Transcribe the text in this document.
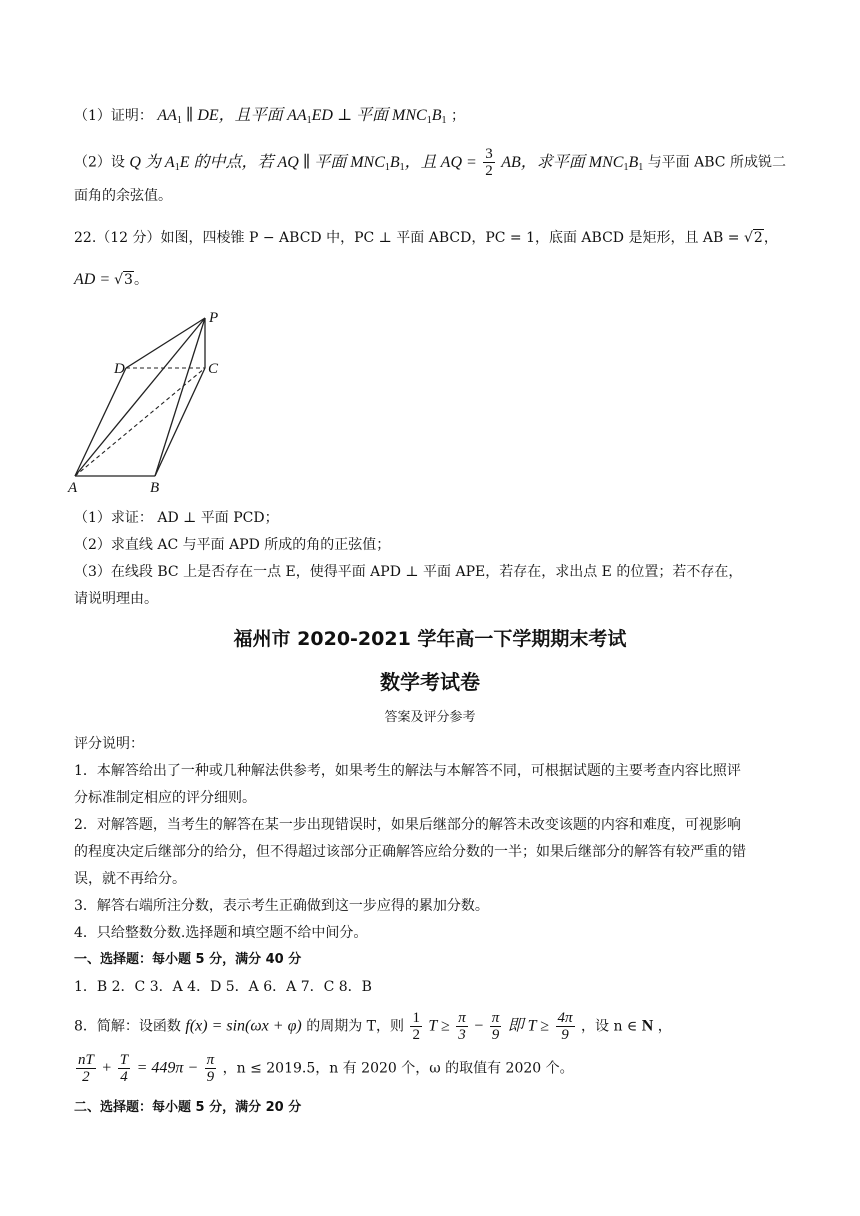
（1）证明： $AA_1$ ∥ DE，且平面 $AA_1ED$ ⊥ 平面 $MNC_1B_1$ ；
（2）设 Q 为 $A_1E$ 的中点，若 AQ ∥ 平面 $MNC_1B_1$，且 AQ = $\frac{3}{2}$ AB，求平面 $MNC_1B_1$ 与平面 ABC 所成锐二
面角的余弦值。
22.（12 分）如图，四棱锥 P − ABCD 中，PC ⊥ 平面 ABCD，PC = 1，底面 ABCD 是矩形，且 AB = √2，
AD = √3。
P
D	C
A	B
（1）求证： AD ⊥ 平面 PCD；
（2）求直线 AC 与平面 APD 所成的角的正弦值；
（3）在线段 BC 上是否存在一点 E，使得平面 APD ⊥ 平面 APE，若存在，求出点 E 的位置；若不存在，
请说明理由。
福州市 2020-2021 学年高一下学期期末考试
数学考试卷
答案及评分参考
评分说明：
1．本解答给出了一种或几种解法供参考，如果考生的解法与本解答不同，可根据试题的主要考查内容比照评
分标准制定相应的评分细则。
2．对解答题，当考生的解答在某一步出现错误时，如果后继部分的解答未改变该题的内容和难度，可视影响
的程度决定后继部分的给分，但不得超过该部分正确解答应给分数的一半；如果后继部分的解答有较严重的错
误，就不再给分。
3．解答右端所注分数，表示考生正确做到这一步应得的累加分数。
4．只给整数分数.选择题和填空题不给中间分。
一、选择题：每小题 5 分，满分 40 分
1．B 2．C 3．A 4．D 5．A 6．A 7．C 8．B
8．简解：设函数 f(x) = sin(ωx + φ) 的周期为 T，则 $\frac{1}{2}$ $T \ge \frac{\pi}{3} - \frac{\pi}{9}$ 即 $T \ge \frac{4\pi}{9}$ ，设 n ∈ N ，
$\frac{nT}{2} + \frac{T}{4} = 449\pi - \frac{\pi}{9}$ ，n ≤ 2019.5，n 有 2020 个，ω 的取值有 2020 个。
二、选择题：每小题 5 分，满分 20 分
